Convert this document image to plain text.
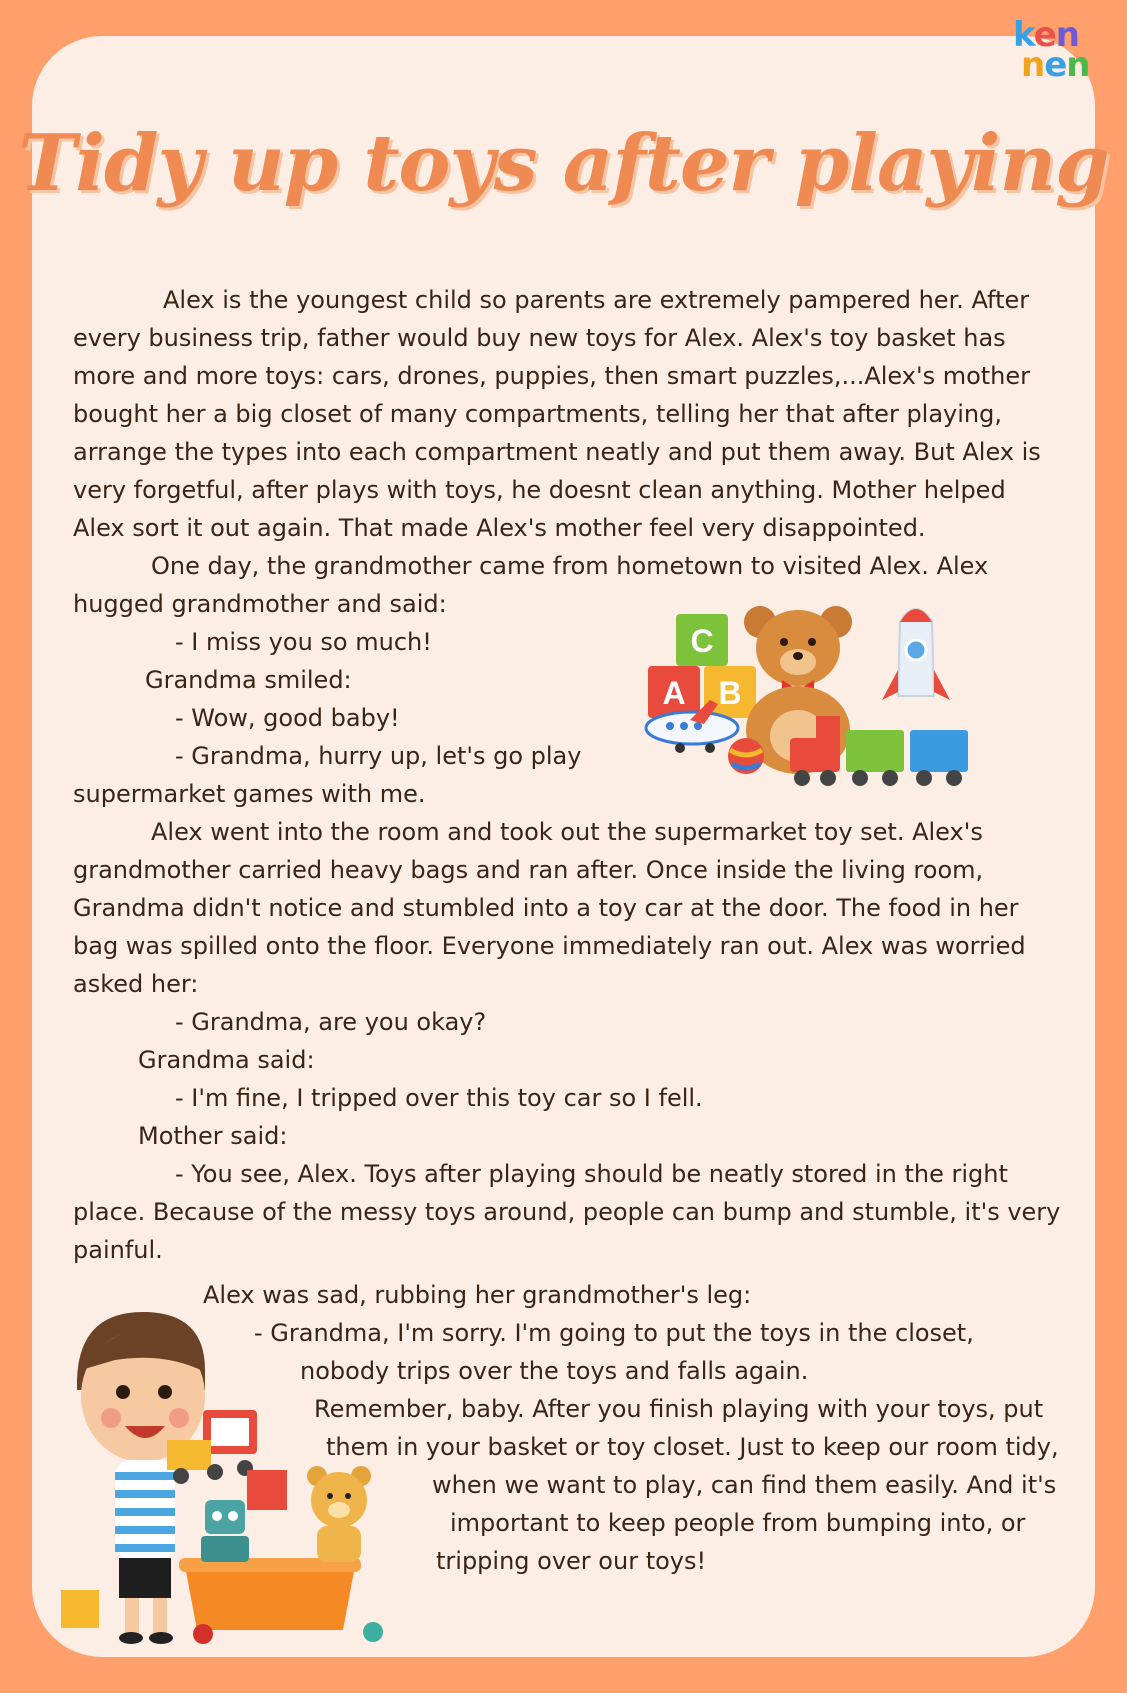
ken
nen
Tidy up toys after playing

Alex is the youngest child so parents are extremely pampered her. After every business trip, father would buy new toys for Alex. Alex's toy basket has more and more toys: cars, drones, puppies, then smart puzzles,...Alex's mother bought her a big closet of many compartments, telling her that after playing, arrange the types into each compartment neatly and put them away. But Alex is very forgetful, after plays with toys, he doesnt clean anything. Mother helped Alex sort it out again. That made Alex's mother feel very disappointed.

One day, the grandmother came from hometown to visited Alex. Alex hugged grandmother and said:

- I miss you so much!

Grandma smiled:

- Wow, good baby!

- Grandma, hurry up, let's go play

supermarket games with me.

Alex went into the room and took out the supermarket toy set. Alex's grandmother carried heavy bags and ran after. Once inside the living room, Grandma didn't notice and stumbled into a toy car at the door. The food in her bag was spilled onto the floor. Everyone immediately ran out. Alex was worried asked her:

- Grandma, are you okay?

Grandma said:

- I'm fine, I tripped over this toy car so I fell.

Mother said:

- You see, Alex. Toys after playing should be neatly stored in the right place. Because of the messy toys around, people can bump and stumble, it's very painful.

Alex was sad, rubbing her grandmother's leg:

- Grandma, I'm sorry. I'm going to put the toys in the closet,

nobody trips over the toys and falls again.

Remember, baby. After you finish playing with your toys, put

them in your basket or toy closet. Just to keep our room tidy,

when we want to play, can find them easily. And it's

important to keep people from bumping into, or

tripping over our toys!

C
A B
